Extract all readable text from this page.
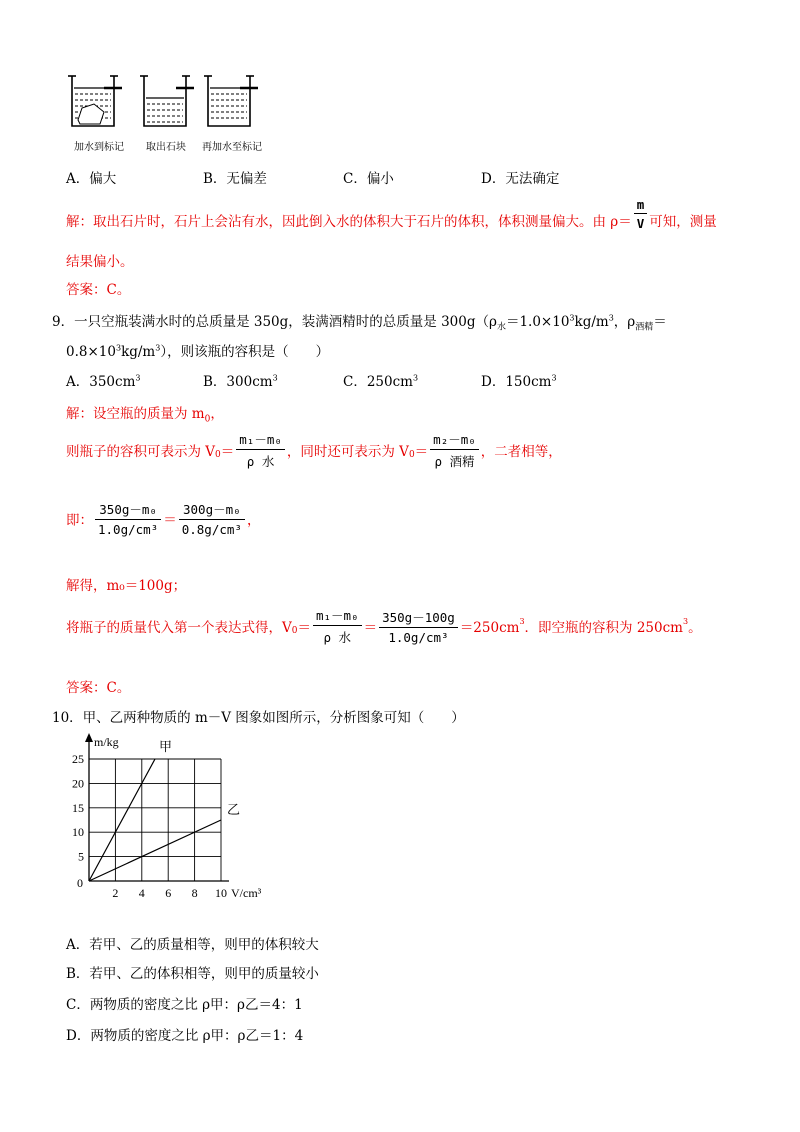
加水到标记 取出石块 再加水至标记
A．偏大	B．无偏差	C．偏小	D．无法确定
解：取出石片时，石片上会沾有水，因此倒入水的体积大于石片的体积，体积测量偏大。由 $\rho= \frac{m}{V}$ 可知，测量
结果偏小。
答案：C。
9．一只空瓶装满水时的总质量是 350g，装满酒精时的总质量是 $300g(\rho_水=1.0\times 10^3kg/m^3$，$\rho_{酒精}=$
$0.8\times 10^3kg/m^3$），则该瓶的容积是（　　）
A．$350cm^3$	B．$300cm^3$	C．$250cm^3$	D．$150cm^3$
解：设空瓶的质量为 $m_0$，
则瓶子的容积可表示为 $V_0= \frac{\text{m₁－m₀}}{\text{ρ 水}}$ ，同时还可表示为 $V_0= \frac{\text{m₂－m₀}}{\text{ρ 酒精}}$ ，二者相等，
即： $\frac{\text{350g－m₀}}{\text{1.0g/cm³}} = \frac{\text{300g－m₀}}{\text{0.8g/cm³}}$ ，
解得，m₀＝100g；
将瓶子的质量代入第一个表达式得，$V_0= \frac{\text{m₁－m₀}}{\text{ρ 水}} = \frac{350g-100g}{\text{1.0g/cm³}} =250cm^3$．即空瓶的容积为 $250cm^3$。
答案：C。
10．甲、乙两种物质的 m－V 图象如图所示，分析图象可知（　　）
2 4 6 8 10
5
10
15
20
25
0
m/kg
V/cm³
甲
乙
A．若甲、乙的质量相等，则甲的体积较大
B．若甲、乙的体积相等，则甲的质量较小
C．两物质的密度之比 ρ甲：ρ乙＝4：1
D．两物质的密度之比 ρ甲：ρ乙＝1：4
